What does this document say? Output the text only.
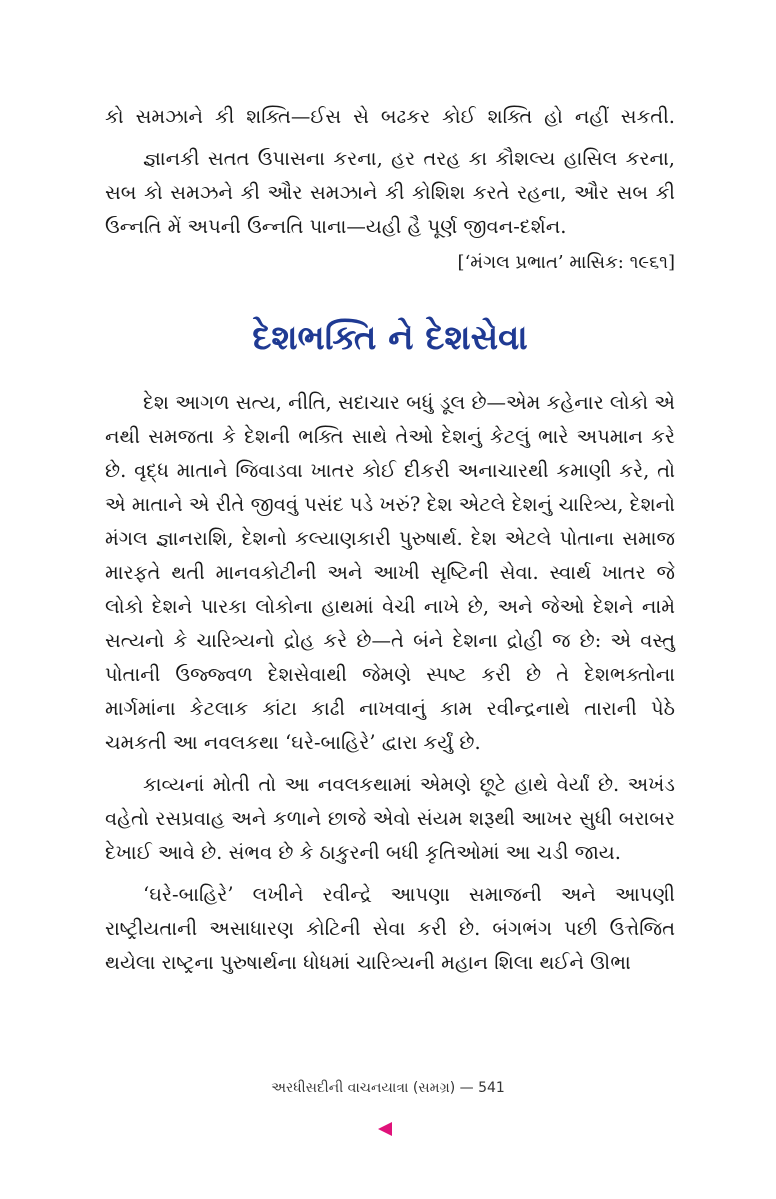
કો સમઝાને કી શક્તિ—ઈસ સે બઢકર કોઈ શક્તિ હો નહીં સકતી.

જ્ઞાનકી સતત ઉપાસના કરના, હર તરહ કા કૌશલ્ય હાસિલ કરના, સબ કો સમઝને કી ઔર સમઝાને કી કોશિશ કરતે રહના, ઔર સબ કી ઉન્નતિ મેં અપની ઉન્નતિ પાના—યહી હૈ પૂર્ણ જીવન-દર્શન.

[‘મંગલ પ્રભાત’ માસિક: ૧૯૬૧]
દેશભક્તિ ને દેશસેવા

દેશ આગળ સત્ય, નીતિ, સદાચાર બધું ડૂલ છે—એમ કહેનાર લોકો એ નથી સમજતા કે દેશની ભક્તિ સાથે તેઓ દેશનું કેટલું ભારે અપમાન કરે છે. વૃદ્ધ માતાને જિવાડવા ખાતર કોઈ દીકરી અનાચારથી કમાણી કરે, તો એ માતાને એ રીતે જીવવું પસંદ પડે ખરું? દેશ એટલે દેશનું ચારિત્ર્ય, દેશનો મંગલ જ્ઞાનરાશિ, દેશનો કલ્યાણકારી પુરુષાર્થ. દેશ એટલે પોતાના સમાજ મારફતે થતી માનવકોટીની અને આખી સૃષ્ટિની સેવા. સ્વાર્થ ખાતર જે લોકો દેશને પારકા લોકોના હાથમાં વેચી નાખે છે, અને જેઓ દેશને નામે સત્યનો કે ચારિત્ર્યનો દ્રોહ કરે છે—તે બંને દેશના દ્રોહી જ છે: એ વસ્તુ પોતાની ઉજ્જ્વળ દેશસેવાથી જેમણે સ્પષ્ટ કરી છે તે દેશભક્તોના માર્ગમાંના કેટલાક કાંટા કાઢી નાખવાનું કામ રવીન્દ્રનાથે તારાની પેઠે ચમકતી આ નવલકથા ‘ઘરે-બાહિરે’ દ્વારા કર્યું છે.

કાવ્યનાં મોતી તો આ નવલકથામાં એમણે છૂટે હાથે વેર્યાં છે. અખંડ વહેતો રસપ્રવાહ અને કળાને છાજે એવો સંયમ શરૂથી આખર સુધી બરાબર દેખાઈ આવે છે. સંભવ છે કે ઠાકુરની બધી કૃતિઓમાં આ ચડી જાય.

‘ઘરે-બાહિરે’ લખીને રવીન્દ્રે આપણા સમાજની અને આપણી રાષ્ટ્રીયતાની અસાધારણ કોટિની સેવા કરી છે. બંગભંગ પછી ઉત્તેજિત થયેલા રાષ્ટ્રના પુરુષાર્થના ધોધમાં ચારિત્ર્યની મહાન શિલા થઈને ઊભા

અરધીસદીની વાચનયાત્રા (સમગ્ર) — 541
